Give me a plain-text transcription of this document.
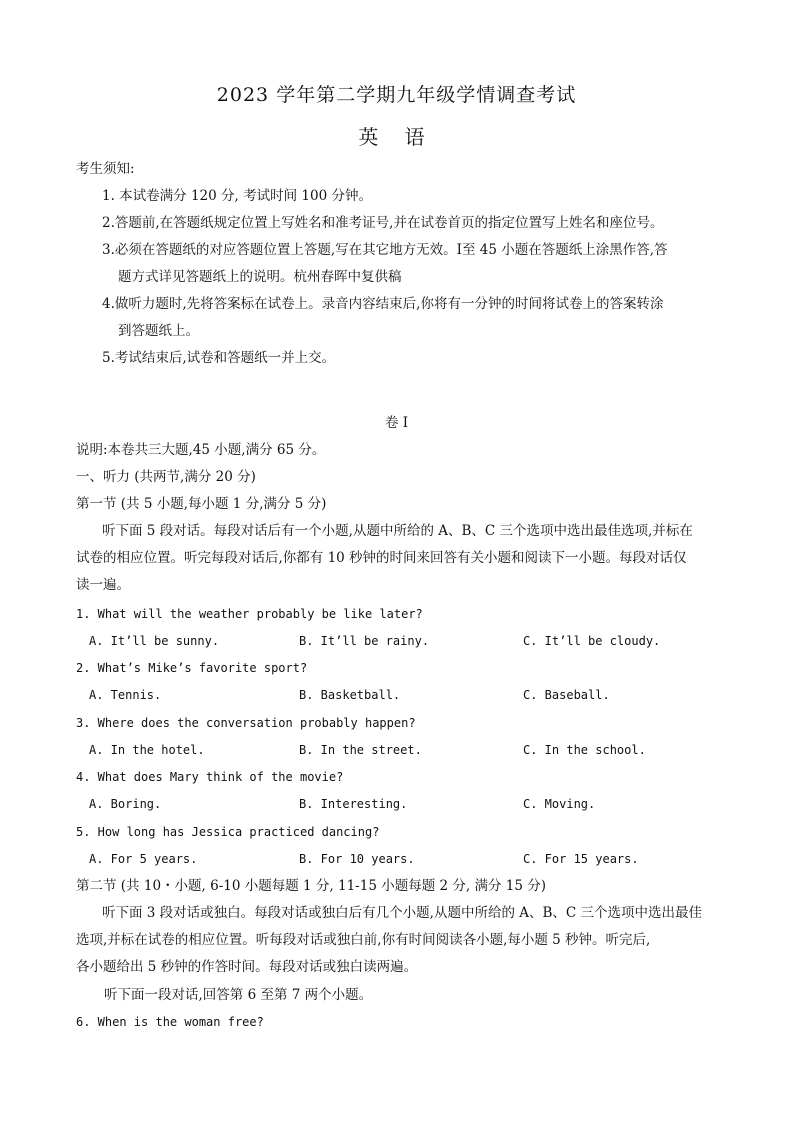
2023 学年第二学期九年级学情调查考试
英 语
考生须知:
1. 本试卷满分 120 分, 考试时间 100 分钟。
2.答题前,在答题纸规定位置上写姓名和准考证号,并在试卷首页的指定位置写上姓名和座位号。
3.必须在答题纸的对应答题位置上答题,写在其它地方无效。Ⅰ至 45 小题在答题纸上涂黑作答,答
题方式详见答题纸上的说明。杭州春晖中复供稿
4.做听力题时,先将答案标在试卷上。录音内容结束后,你将有一分钟的时间将试卷上的答案转涂
到答题纸上。
5.考试结束后,试卷和答题纸一并上交。
卷 I
说明:本卷共三大题,45 小题,满分 65 分。
一、听力 (共两节,满分 20 分)
第一节 (共 5 小题,每小题 1 分,满分 5 分)
听下面 5 段对话。每段对话后有一个小题,从题中所给的 A、B、C 三个选项中选出最佳选项,并标在
试卷的相应位置。听完每段对话后,你都有 10 秒钟的时间来回答有关小题和阅读下一小题。每段对话仅
读一遍。
1. What will the weather probably be like later?
A. It’ll be sunny.	B. It’ll be rainy.	C. It’ll be cloudy.
2. What’s Mike’s favorite sport?
A. Tennis.	B. Basketball.	C. Baseball.
3. Where does the conversation probably happen?
A. In the hotel.	B. In the street.	C. In the school.
4. What does Mary think of the movie?
A. Boring.	B. Interesting.	C. Moving.
5. How long has Jessica practiced dancing?
A. For 5 years.	B. For 10 years.	C. For 15 years.
第二节 (共 10・小题, 6-10 小题每题 1 分, 11-15 小题每题 2 分, 满分 15 分)
听下面 3 段对话或独白。每段对话或独白后有几个小题,从题中所给的 A、B、C 三个选项中选出最佳
选项,并标在试卷的相应位置。听每段对话或独白前,你有时间阅读各小题,每小题 5 秒钟。听完后,
各小题给出 5 秒钟的作答时间。每段对话或独白读两遍。
听下面一段对话,回答第 6 至第 7 两个小题。
6. When is the woman free?
